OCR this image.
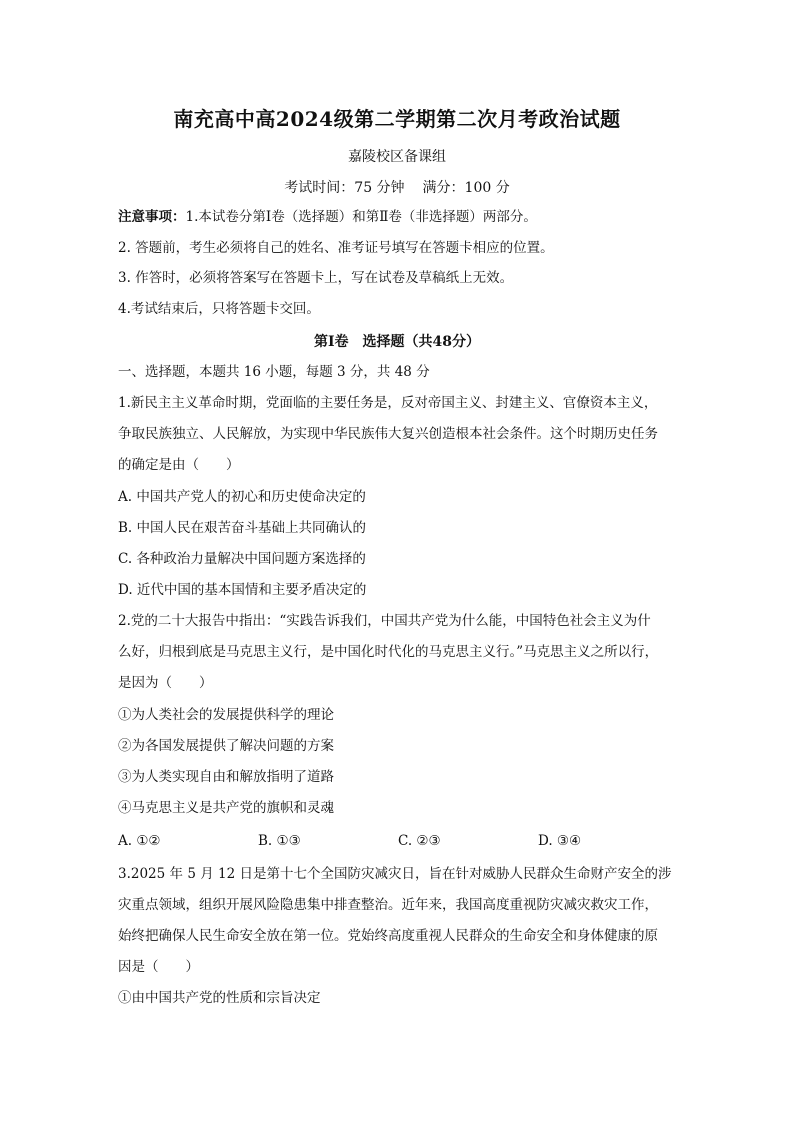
南充高中高2024级第二学期第二次月考政治试题
嘉陵校区备课组
考试时间：75 分钟 满分：100 分
注意事项：1.本试卷分第Ⅰ卷（选择题）和第Ⅱ卷（非选择题）两部分。
2. 答题前，考生必须将自己的姓名、准考证号填写在答题卡相应的位置。
3. 作答时，必须将答案写在答题卡上，写在试卷及草稿纸上无效。
4.考试结束后，只将答题卡交回。
第Ⅰ卷 选择题（共48分）
一、选择题，本题共 16 小题，每题 3 分，共 48 分
1.新民主主义革命时期，党面临的主要任务是，反对帝国主义、封建主义、官僚资本主义，
争取民族独立、人民解放，为实现中华民族伟大复兴创造根本社会条件。这个时期历史任务
的确定是由（　　）
A. 中国共产党人的初心和历史使命决定的
B. 中国人民在艰苦奋斗基础上共同确认的
C. 各种政治力量解决中国问题方案选择的
D. 近代中国的基本国情和主要矛盾决定的
2.党的二十大报告中指出：“实践告诉我们，中国共产党为什么能，中国特色社会主义为什
么好，归根到底是马克思主义行，是中国化时代化的马克思主义行。”马克思主义之所以行，
是因为（　　）
①为人类社会的发展提供科学的理论
②为各国发展提供了解决问题的方案
③为人类实现自由和解放指明了道路
④马克思主义是共产党的旗帜和灵魂
A. ①②	B. ①③	C. ②③	D. ③④
3.2025 年 5 月 12 日是第十七个全国防灾减灾日，旨在针对威胁人民群众生命财产安全的涉
灾重点领域，组织开展风险隐患集中排查整治。近年来，我国高度重视防灾减灾救灾工作，
始终把确保人民生命安全放在第一位。党始终高度重视人民群众的生命安全和身体健康的原
因是（　　）
①由中国共产党的性质和宗旨决定
